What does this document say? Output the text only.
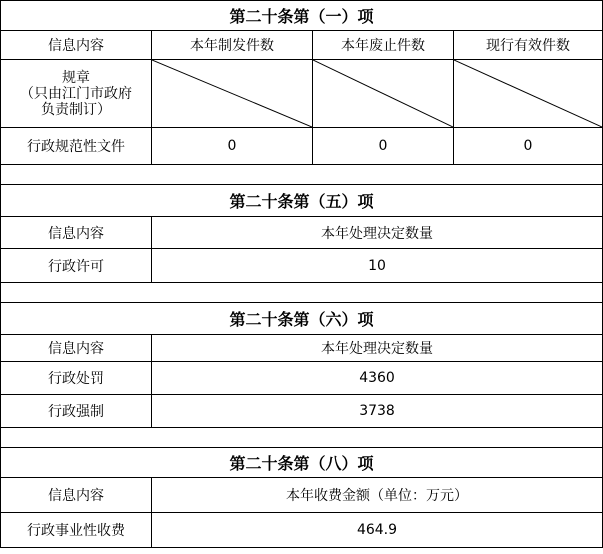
第二十条第（一）项			
信息内容	本年制发件数	本年废止件数	现行有效件数

规章
（只由江门市政府
负责制订）

行政规范性文件	0	0	0

第二十条第（五）项			
信息内容	本年处理决定数量		
行政许可	10		

第二十条第（六）项			
信息内容	本年处理决定数量		
行政处罚	4360		
行政强制	3738		

第二十条第（八）项			
信息内容	本年收费金额（单位：万元）		
行政事业性收费	464.9		
